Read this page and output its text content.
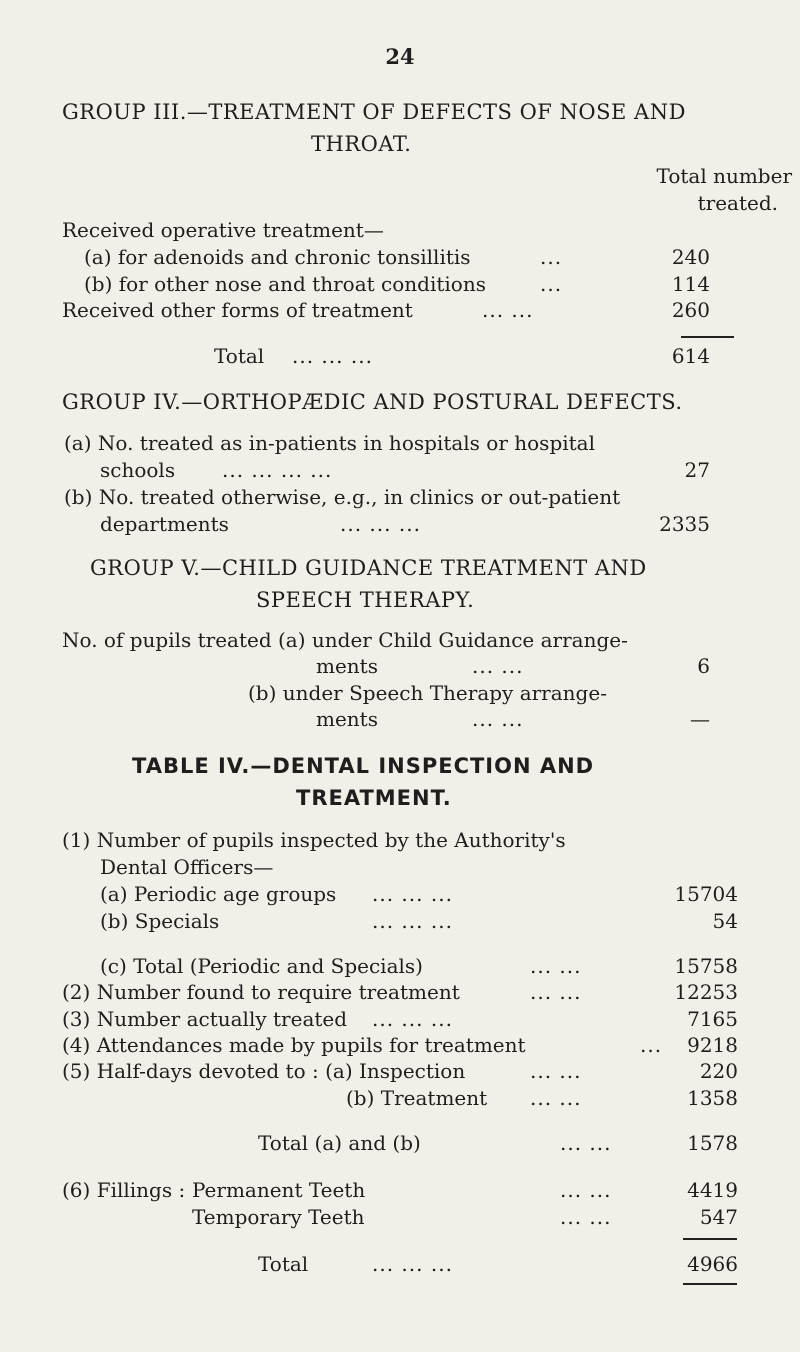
24
GROUP III.—TREATMENT OF DEFECTS OF NOSE AND
THROAT.
Total number
treated.
Received operative treatment—
(a) for adenoids and chronic tonsillitis	...	240
(b) for other nose and throat conditions	...	114
Received other forms of treatment	... ...	260
Total ... ... ...	614
GROUP IV.—ORTHOPÆDIC AND POSTURAL DEFECTS.
(a) No. treated as in-patients in hospitals or hospital
schools ... ... ... ...	27
(b) No. treated otherwise, e.g., in clinics or out-patient
departments	... ... ...	2335
GROUP V.—CHILD GUIDANCE TREATMENT AND
SPEECH THERAPY.
No. of pupils treated (a) under Child Guidance arrange-
ments	... ...	6
(b) under Speech Therapy arrange-
ments	... ...	—
TABLE IV.—DENTAL INSPECTION AND
TREATMENT.
(1) Number of pupils inspected by the Authority's
Dental Officers—
(a) Periodic age groups ... ... ...	15704
(b) Specials	... ... ...	54
(c) Total (Periodic and Specials)	... ...	15758
(2) Number found to require treatment	... ...	12253
(3) Number actually treated ... ... ...	7165
(4) Attendances made by pupils for treatment	... 9218
(5) Half-days devoted to : (a) Inspection	... ...	220
(b) Treatment ... ...	1358
Total (a) and (b)	... ...	1578
(6) Fillings : Permanent Teeth	... ...	4419
Temporary Teeth	... ...	547
Total	... ... ...	4966
